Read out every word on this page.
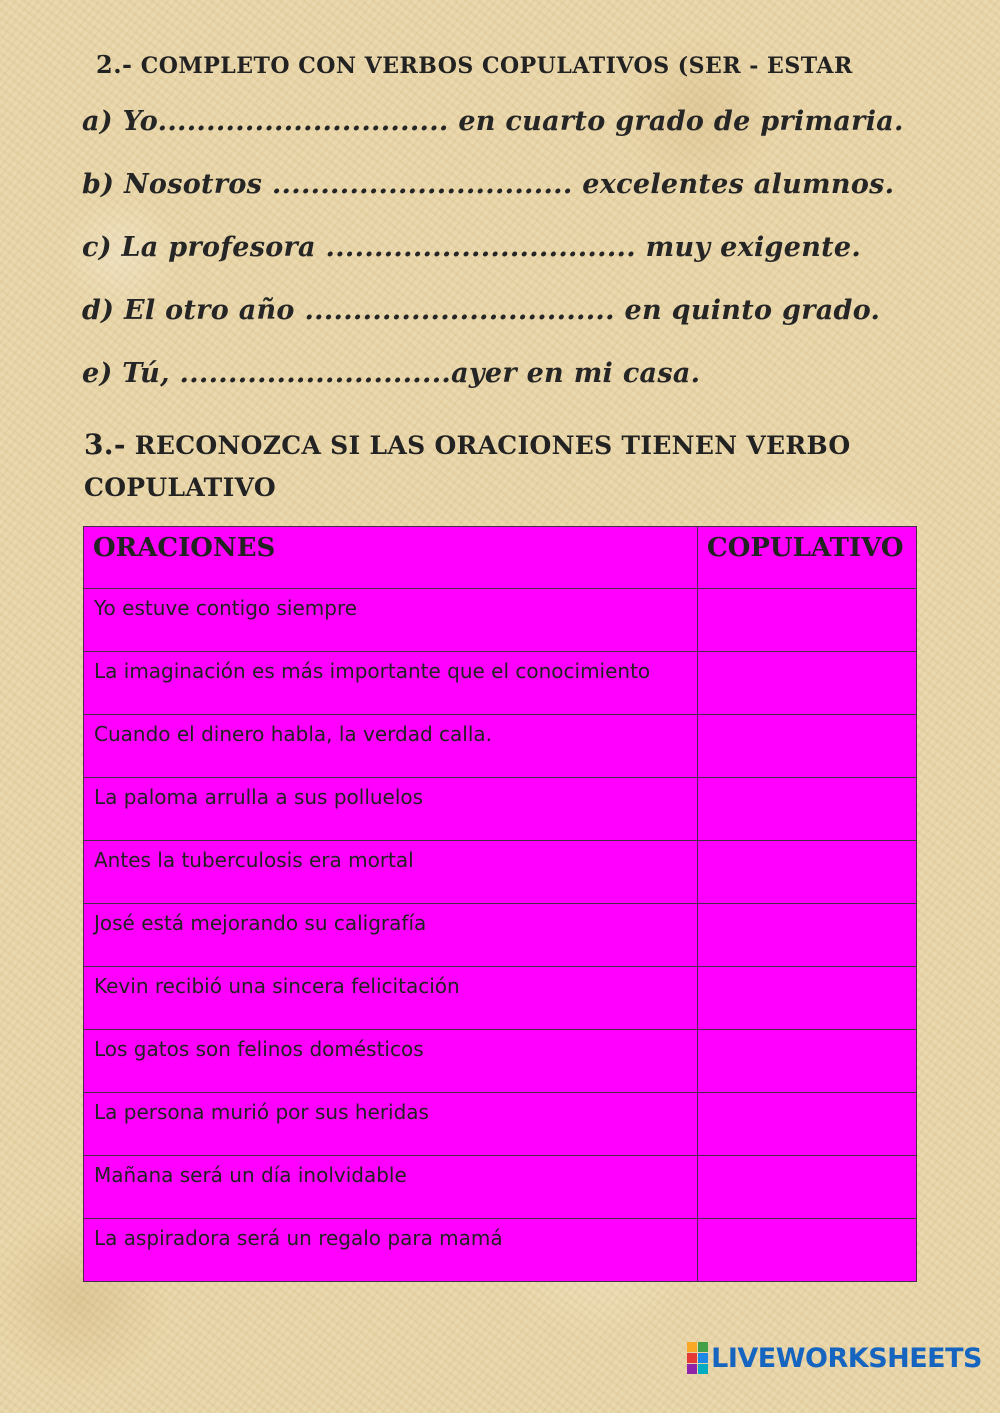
2.- COMPLETO CON VERBOS COPULATIVOS (SER - ESTAR
a) Yo.............................. en cuarto grado de primaria.
b) Nosotros ............................... excelentes alumnos.
c) La profesora ................................ muy exigente.
d) El otro año ................................ en quinto grado.
e) Tú, ............................ayer en mi casa.
3.- RECONOZCA SI LAS ORACIONES TIENEN VERBO COPULATIVO
ORACIONES	COPULATIVO
Yo estuve contigo siempre	
La imaginación es más importante que el conocimiento	
Cuando el dinero habla, la verdad calla.	
La paloma arrulla a sus polluelos	
Antes la tuberculosis era mortal	
José está mejorando su caligrafía	
Kevin recibió una sincera felicitación	
Los gatos son felinos domésticos	
La persona murió por sus heridas	
Mañana será un día inolvidable	
La aspiradora será un regalo para mamá	
LIVEWORKSHEETS
